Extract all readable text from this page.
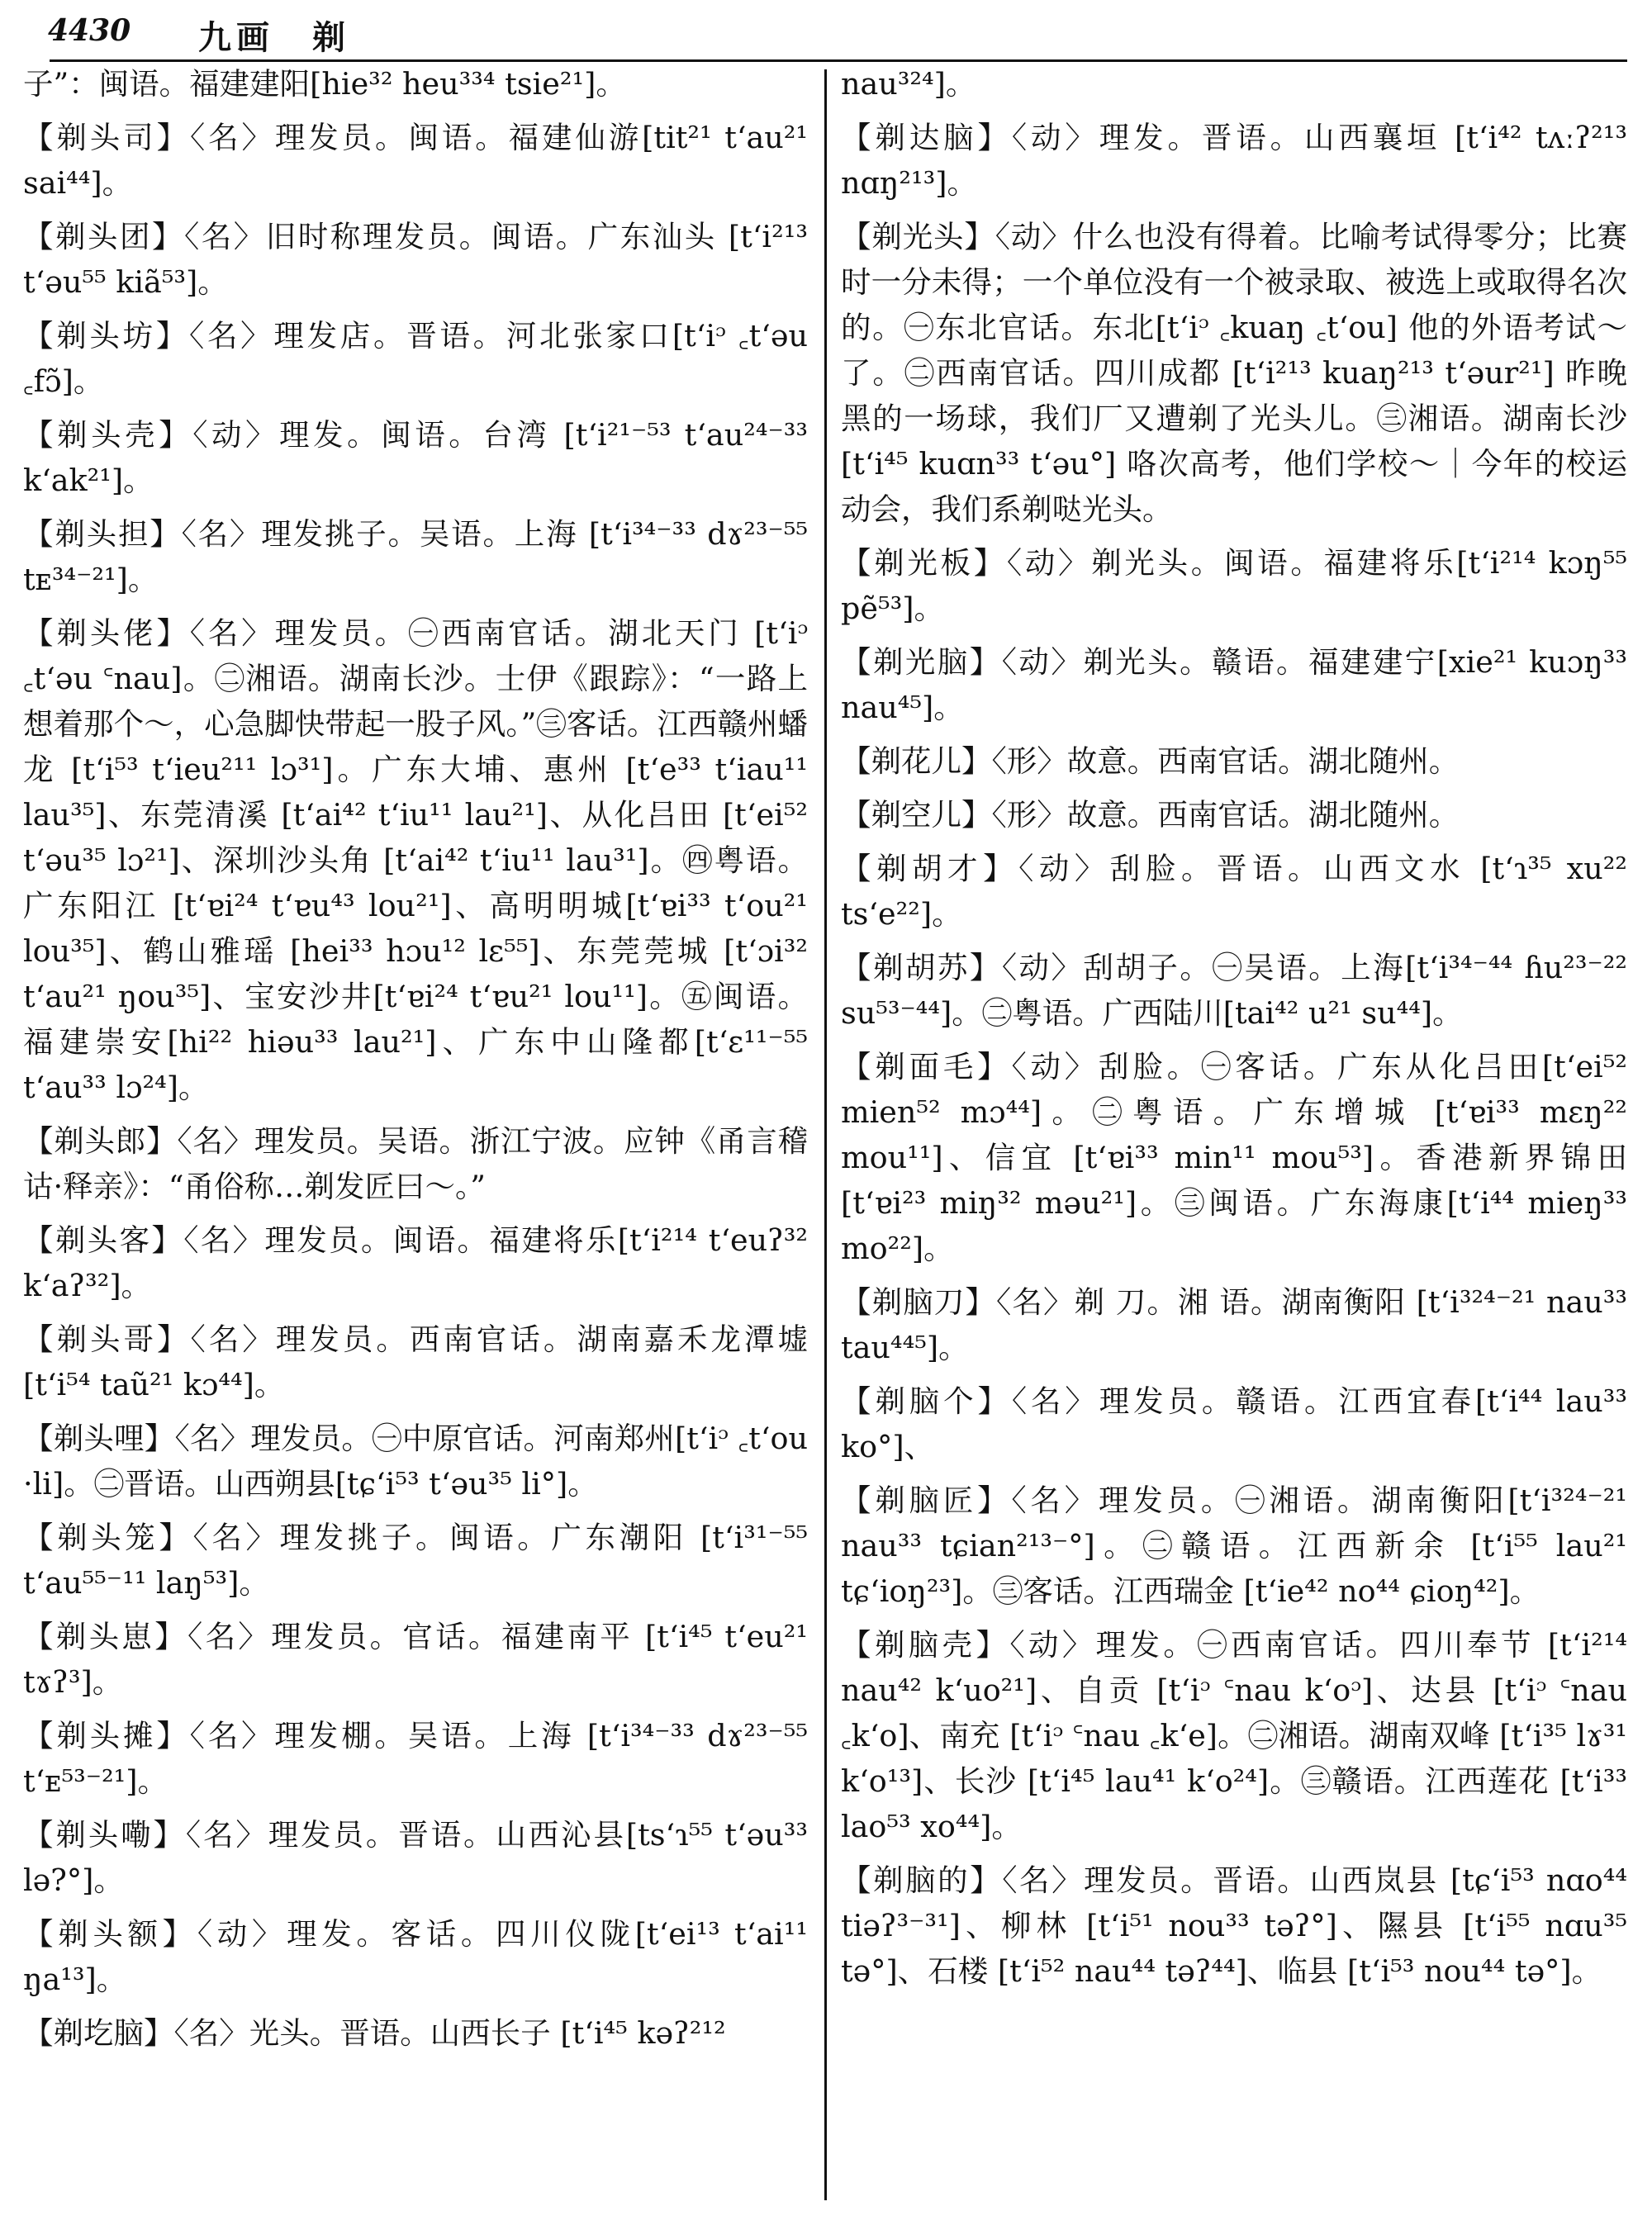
4430 九画 剃

子”：闽语。福建建阳[hie³² heu³³⁴ tsie²¹]。

【剃头司】〈名〉理发员。闽语。福建仙游[tit²¹ t‘au²¹ sai⁴⁴]。

【剃头团】〈名〉旧时称理发员。闽语。广东汕头 [t‘i²¹³ t‘əu⁵⁵ kiã⁵³]。

【剃头坊】〈名〉理发店。晋语。河北张家口[t‘iᵓ ꜀t‘əu ꜀fɔ̃]。

【剃头壳】〈动〉理发。闽语。台湾 [t‘i²¹⁻⁵³ t‘au²⁴⁻³³ k‘ak²¹]。

【剃头担】〈名〉理发挑子。吴语。上海 [t‘i³⁴⁻³³ dɤ²³⁻⁵⁵ tᴇ³⁴⁻²¹]。

【剃头佬】〈名〉理发员。㊀西南官话。湖北天门 [t‘iᵓ ꜀t‘əu ꜂nau]。㊁湘语。湖南长沙。士伊《跟踪》：“一路上想着那个～，心急脚快带起一股子风。”㊂客话。江西赣州蟠龙 [t‘i⁵³ t‘ieu²¹¹ lɔ³¹]。广东大埔、惠州 [t‘e³³ t‘iau¹¹ lau³⁵]、东莞清溪 [t‘ai⁴² t‘iu¹¹ lau²¹]、从化吕田 [t‘ei⁵² t‘əu³⁵ lɔ²¹]、深圳沙头角 [t‘ai⁴² t‘iu¹¹ lau³¹]。㊃粤语。广东阳江 [t‘ɐi²⁴ t‘ɐu⁴³ lou²¹]、高明明城[t‘ɐi³³ t‘ou²¹ lou³⁵]、鹤山雅瑶 [hei³³ hɔu¹² lɛ⁵⁵]、东莞莞城 [t‘ɔi³² t‘au²¹ ŋou³⁵]、宝安沙井[t‘ɐi²⁴ t‘ɐu²¹ lou¹¹]。㊄闽语。福建崇安[hi²² hiəu³³ lau²¹]、广东中山隆都[t‘ɛ¹¹⁻⁵⁵ t‘au³³ lɔ²⁴]。

【剃头郎】〈名〉理发员。吴语。浙江宁波。应钟《甬言稽诂·释亲》：“甬俗称…剃发匠曰～。”

【剃头客】〈名〉理发员。闽语。福建将乐[t‘i²¹⁴ t‘euʔ³² k‘aʔ³²]。

【剃头哥】〈名〉理发员。西南官话。湖南嘉禾龙潭墟 [t‘i⁵⁴ taũ²¹ kɔ⁴⁴]。

【剃头哩】〈名〉理发员。㊀中原官话。河南郑州[t‘iᵓ ꜀t‘ou ·li]。㊁晋语。山西朔县[tɕ‘i⁵³ t‘əu³⁵ li°]。

【剃头笼】〈名〉理发挑子。闽语。广东潮阳 [t‘i³¹⁻⁵⁵ t‘au⁵⁵⁻¹¹ laŋ⁵³]。

【剃头崽】〈名〉理发员。官话。福建南平 [t‘i⁴⁵ t‘eu²¹ tɤʔ³]。

【剃头摊】〈名〉理发棚。吴语。上海 [t‘i³⁴⁻³³ dɤ²³⁻⁵⁵ t‘ᴇ⁵³⁻²¹]。

【剃头嘞】〈名〉理发员。晋语。山西沁县[ts‘ɿ⁵⁵ t‘əu³³ lə?°]。

【剃头额】〈动〉理发。客话。四川仪陇[t‘ei¹³ t‘ai¹¹ ŋa¹³]。

【剃圪脑】〈名〉光头。晋语。山西长子 [t‘i⁴⁵ kəʔ²¹²

nau³²⁴]。

【剃达脑】〈动〉理发。晋语。山西襄垣 [t‘i⁴² tʌːʔ²¹³ nɑŋ²¹³]。

【剃光头】〈动〉什么也没有得着。比喻考试得零分；比赛时一分未得；一个单位没有一个被录取、被选上或取得名次的。㊀东北官话。东北[t‘iᵓ ꜀kuaŋ ꜀t‘ou] 他的外语考试～了。㊁西南官话。四川成都 [t‘i²¹³ kuaŋ²¹³ t‘əur²¹] 昨晚黑的一场球，我们厂又遭剃了光头儿。㊂湘语。湖南长沙 [t‘i⁴⁵ kuɑn³³ t‘əu°] 咯次高考，他们学校～｜今年的校运动会，我们系剃哒光头。

【剃光板】〈动〉剃光头。闽语。福建将乐[t‘i²¹⁴ kɔŋ⁵⁵ pẽ⁵³]。

【剃光脑】〈动〉剃光头。赣语。福建建宁[xie²¹ kuɔŋ³³ nau⁴⁵]。

【剃花儿】〈形〉故意。西南官话。湖北随州。

【剃空儿】〈形〉故意。西南官话。湖北随州。

【剃胡才】〈动〉刮脸。晋语。山西文水 [t‘ɿ³⁵ xu²² ts‘e²²]。

【剃胡苏】〈动〉刮胡子。㊀吴语。上海[t‘i³⁴⁻⁴⁴ ɦu²³⁻²² su⁵³⁻⁴⁴]。㊁粤语。广西陆川[tai⁴² u²¹ su⁴⁴]。

【剃面毛】〈动〉刮脸。㊀客话。广东从化吕田[t‘ei⁵² mien⁵² mɔ⁴⁴]。㊁粤语。广东增城 [t‘ɐi³³ mɛŋ²² mou¹¹]、信宜 [t‘ɐi³³ min¹¹ mou⁵³]。香港新界锦田 [t‘ɐi²³ miŋ³² məu²¹]。㊂闽语。广东海康[t‘i⁴⁴ mieŋ³³ mo²²]。

【剃脑刀】〈名〉剃 刀。湘 语。湖南衡阳 [t‘i³²⁴⁻²¹ nau³³ tau⁴⁴⁵]。

【剃脑个】〈名〉理发员。赣语。江西宜春[t‘i⁴⁴ lau³³ ko°]、

【剃脑匠】〈名〉理发员。㊀湘语。湖南衡阳[t‘i³²⁴⁻²¹ nau³³ tɕian²¹³⁻°]。㊁赣语。江西新余 [t‘i⁵⁵ lau²¹ tɕ‘ioŋ²³]。㊂客话。江西瑞金 [t‘ie⁴² no⁴⁴ ɕioŋ⁴²]。

【剃脑壳】〈动〉理发。㊀西南官话。四川奉节 [t‘i²¹⁴ nau⁴² k‘uo²¹]、自贡 [t‘iᵓ ꜂nau k‘oᵓ]、达县 [t‘iᵓ ꜂nau ꜀k‘o]、南充 [t‘iᵓ ꜂nau ꜀k‘e]。㊁湘语。湖南双峰 [t‘i³⁵ lɤ³¹ k‘o¹³]、长沙 [t‘i⁴⁵ lau⁴¹ k‘o²⁴]。㊂赣语。江西莲花 [t‘i³³ lao⁵³ xo⁴⁴]。

【剃脑的】〈名〉理发员。晋语。山西岚县 [tɕ‘i⁵³ nɑo⁴⁴ tiəʔ³⁻³¹]、柳林 [t‘i⁵¹ nou³³ təʔ°]、隰县 [t‘i⁵⁵ nɑu³⁵ tə°]、石楼 [t‘i⁵² nau⁴⁴ təʔ⁴⁴]、临县 [t‘i⁵³ nou⁴⁴ tə°]。
